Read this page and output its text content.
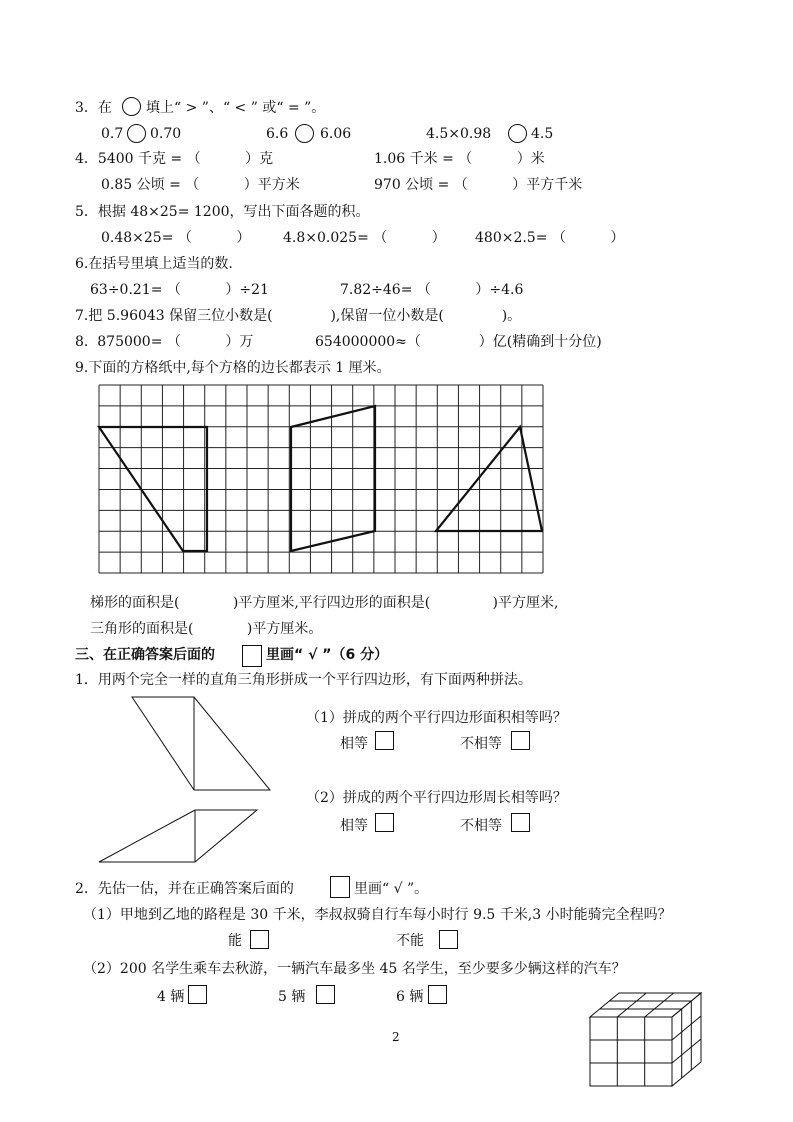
3．在 填上“ > ”、“ < ” 或“ = ”。
0.7 0.70	6.6 6.06	4.5×0.98	4.5
4．5400 千克 = （          ）克	1.06 千米 = （          ）米
0.85 公顷 = （          ）平方米	970 公顷 = （          ）平方千米
5．根据 48×25= 1200，写出下面各题的积。
0.48×25= （          ） 4.8×0.025= （          ） 480×2.5= （          ）
6.在括号里填上适当的数.
63÷0.21= （          ）÷21	7.82÷46= （          ）÷4.6
7.把 5.96043 保留三位小数是(             ),保留一位小数是(             )。
8.  875000= （          ）万	654000000≈（             ）亿(精确到十分位)
9.下面的方格纸中,每个方格的边长都表示 1 厘米。
梯形的面积是(            )平方厘米,平行四边形的面积是(              )平方厘米,
三角形的面积是(            )平方厘米。
三、在正确答案后面的	里画“ √ ”（6 分）
1．用两个完全一样的直角三角形拼成一个平行四边形，有下面两种拼法。
（1）拼成的两个平行四边形面积相等吗？
相等	不相等
（2）拼成的两个平行四边形周长相等吗？
相等	不相等
2．先估一估，并在正确答案后面的	里画“ √ ”。
（1）甲地到乙地的路程是 30 千米，李叔叔骑自行车每小时行 9.5 千米,3 小时能骑完全程吗？
能	不能
（2）200 名学生乘车去秋游，一辆汽车最多坐 45 名学生，至少要多少辆这样的汽车？
4 辆	5 辆	6 辆
2
